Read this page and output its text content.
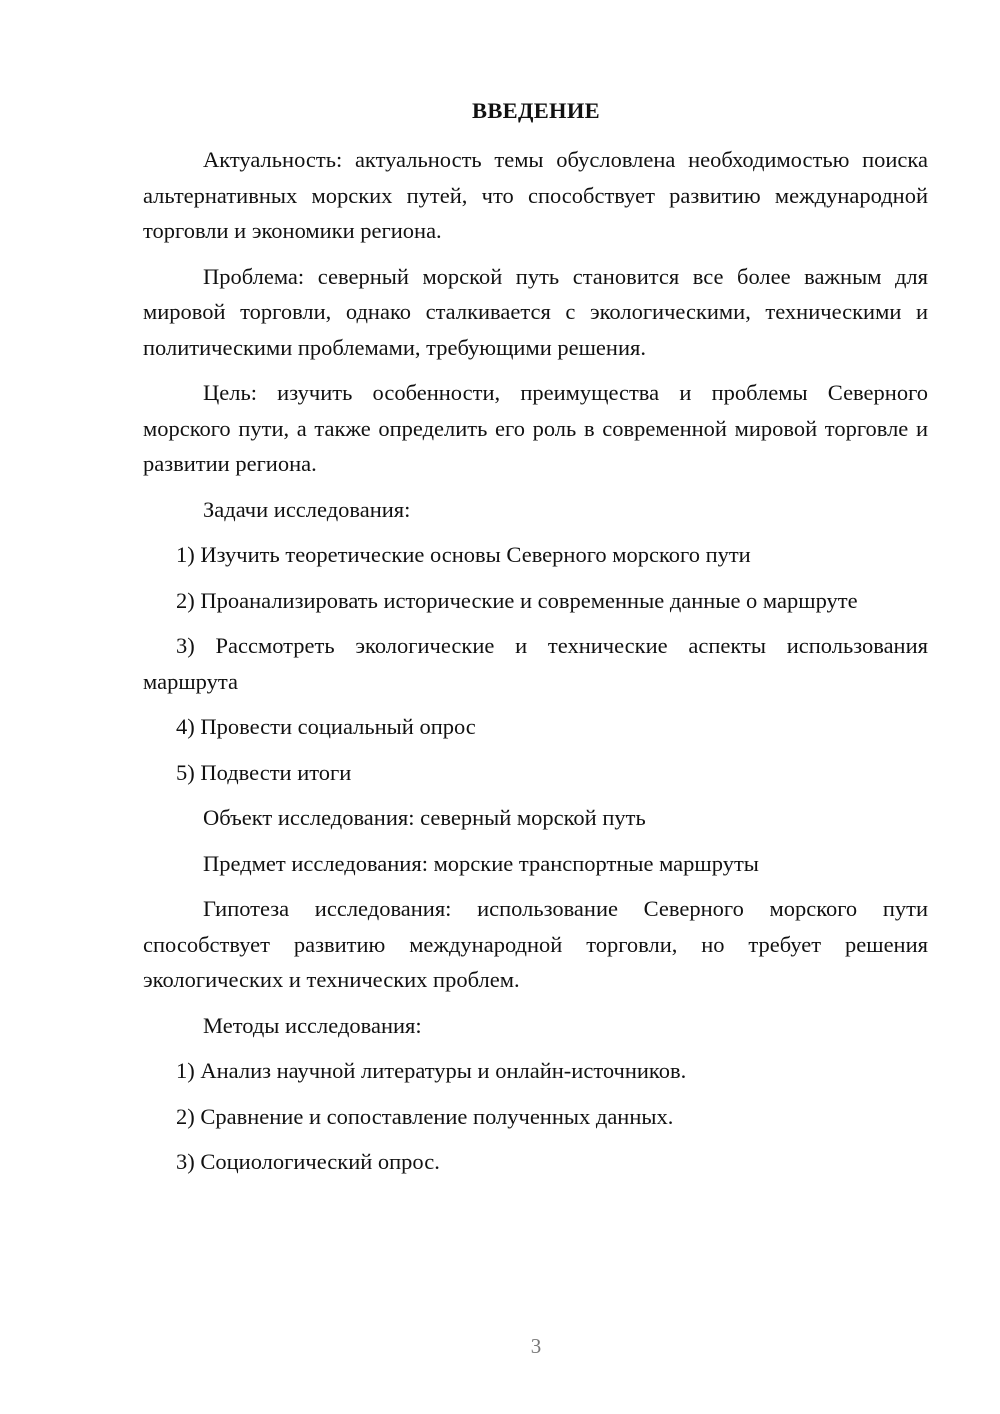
ВВЕДЕНИЕ

Актуальность: актуальность темы обусловлена необходимостью поиска альтернативных морских путей, что способствует развитию международной торговли и экономики региона.

Проблема: северный морской путь становится все более важным для мировой торговли, однако сталкивается с экологическими, техническими и политическими проблемами, требующими решения.

Цель: изучить особенности, преимущества и проблемы Северного морского пути, а также определить его роль в современной мировой торговле и развитии региона.

Задачи исследования:

1) Изучить теоретические основы Северного морского пути

2) Проанализировать исторические и современные данные о маршруте

3) Рассмотреть экологические и технические аспекты использования маршрута

4) Провести социальный опрос

5) Подвести итоги

Объект исследования: северный морской путь

Предмет исследования: морские транспортные маршруты

Гипотеза исследования: использование Северного морского пути способствует развитию международной торговли, но требует решения экологических и технических проблем.

Методы исследования:

1) Анализ научной литературы и онлайн-источников.

2) Сравнение и сопоставление полученных данных.

3) Социологический опрос.

3
